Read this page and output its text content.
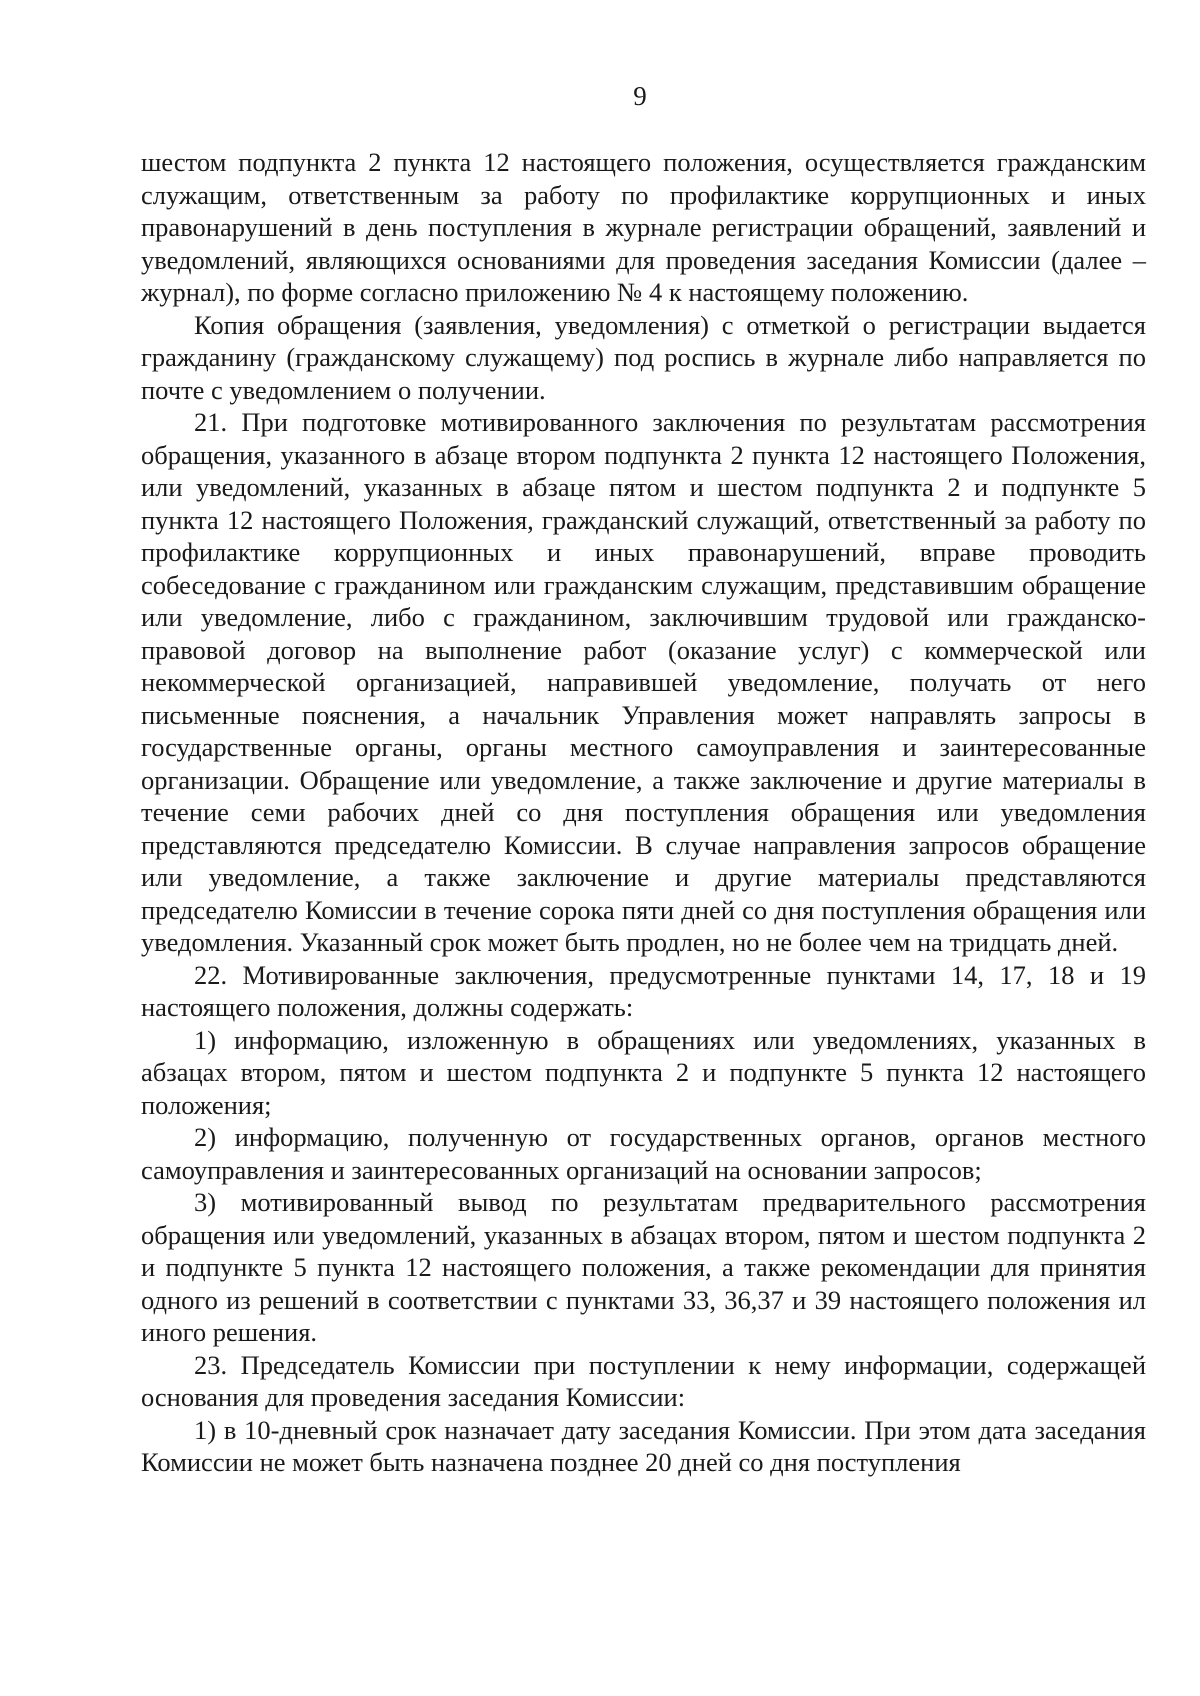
9

шестом подпункта 2 пункта 12 настоящего положения, осуществляется гражданским служащим, ответственным за работу по профилактике коррупционных и иных правонарушений в день поступления в журнале регистрации обращений, заявлений и уведомлений, являющихся основаниями для проведения заседания Комиссии (далее – журнал), по форме согласно приложению № 4 к настоящему положению.

Копия обращения (заявления, уведомления) с отметкой о регистрации выдается гражданину (гражданскому служащему) под роспись в журнале либо направляется по почте с уведомлением о получении.

21. При подготовке мотивированного заключения по результатам рассмотрения обращения, указанного в абзаце втором подпункта 2 пункта 12 настоящего Положения, или уведомлений, указанных в абзаце пятом и шестом подпункта 2 и подпункте 5 пункта 12 настоящего Положения, гражданский служащий, ответственный за работу по профилактике коррупционных и иных правонарушений, вправе проводить собеседование с гражданином или гражданским служащим, представившим обращение или уведомление, либо с гражданином, заключившим трудовой или гражданско-правовой договор на выполнение работ (оказание услуг) с коммерческой или некоммерческой организацией, направившей уведомление, получать от него письменные пояснения, а начальник Управления может направлять запросы в государственные органы, органы местного самоуправления и заинтересованные организации. Обращение или уведомление, а также заключение и другие материалы в течение семи рабочих дней со дня поступления обращения или уведомления представляются председателю Комиссии. В случае направления запросов обращение или уведомление, а также заключение и другие материалы представляются председателю Комиссии в течение сорока пяти дней со дня поступления обращения или уведомления. Указанный срок может быть продлен, но не более чем на тридцать дней.

22. Мотивированные заключения, предусмотренные пунктами 14, 17, 18 и 19 настоящего положения, должны содержать:

1) информацию, изложенную в обращениях или уведомлениях, указанных в абзацах втором, пятом и шестом подпункта 2 и подпункте 5 пункта 12 настоящего положения;

2) информацию, полученную от государственных органов, органов местного самоуправления и заинтересованных организаций на основании запросов;

3) мотивированный вывод по результатам предварительного рассмотрения обращения или уведомлений, указанных в абзацах втором, пятом и шестом подпункта 2 и подпункте 5 пункта 12 настоящего положения, а также рекомендации для принятия одного из решений в соответствии с пунктами 33, 36,37 и 39 настоящего положения ил иного решения.

23. Председатель Комиссии при поступлении к нему информации, содержащей основания для проведения заседания Комиссии:

1) в 10-дневный срок назначает дату заседания Комиссии. При этом дата заседания Комиссии не может быть назначена позднее 20 дней со дня поступления
